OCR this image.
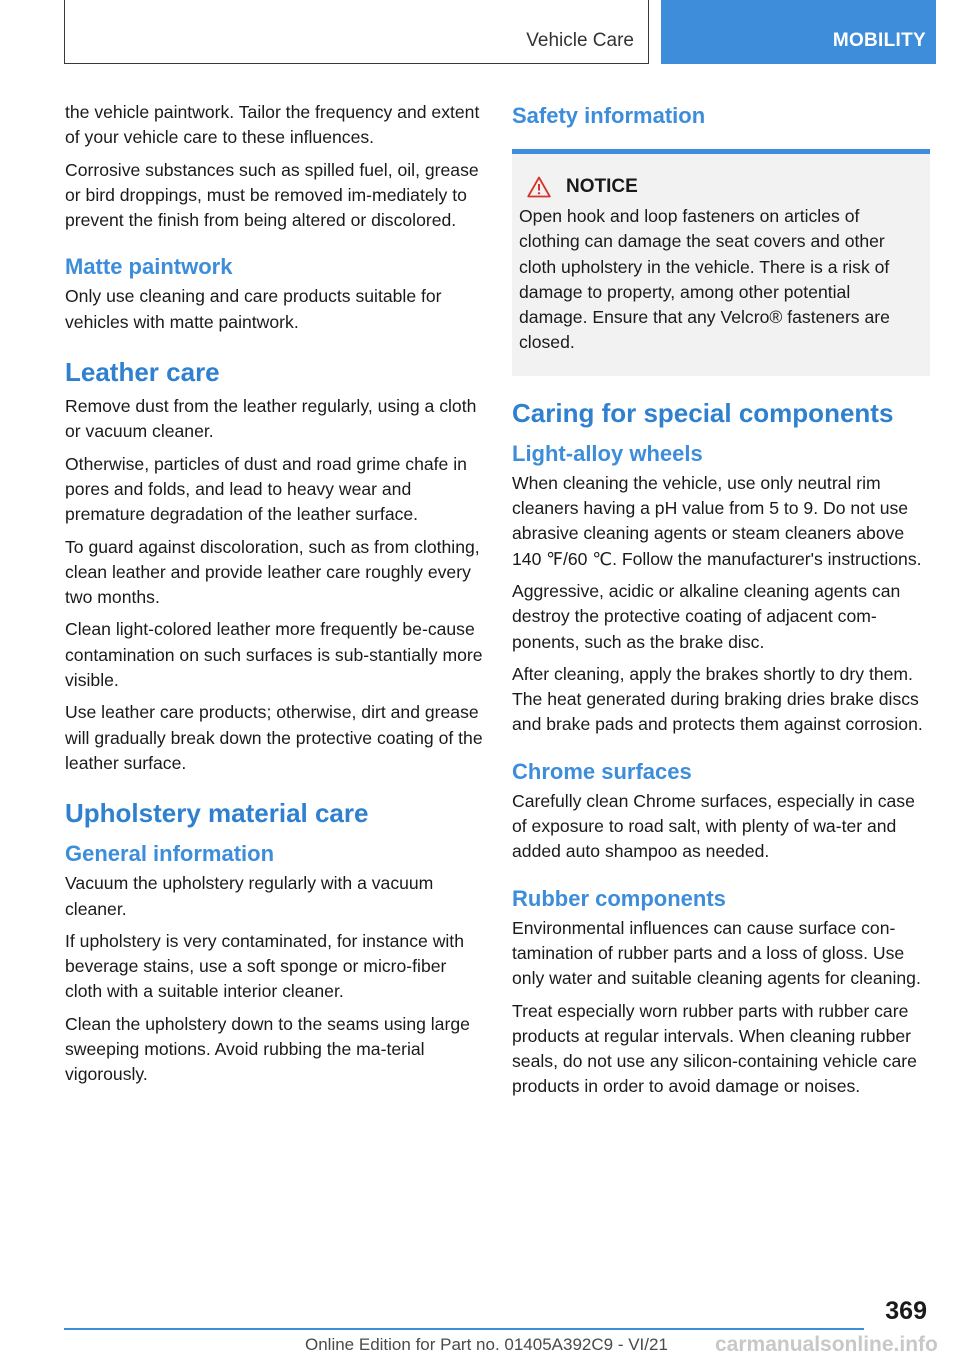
Vehicle Care	MOBILITY

the vehicle paintwork. Tailor the frequency and extent of your vehicle care to these influences.

Corrosive substances such as spilled fuel, oil, grease or bird droppings, must be removed im-mediately to prevent the finish from being altered or discolored.

Matte paintwork

Only use cleaning and care products suitable for vehicles with matte paintwork.

Leather care

Remove dust from the leather regularly, using a cloth or vacuum cleaner.

Otherwise, particles of dust and road grime chafe in pores and folds, and lead to heavy wear and premature degradation of the leather surface.

To guard against discoloration, such as from clothing, clean leather and provide leather care roughly every two months.

Clean light-colored leather more frequently be-cause contamination on such surfaces is sub-stantially more visible.

Use leather care products; otherwise, dirt and grease will gradually break down the protective coating of the leather surface.

Upholstery material care
General information

Vacuum the upholstery regularly with a vacuum cleaner.

If upholstery is very contaminated, for instance with beverage stains, use a soft sponge or micro-fiber cloth with a suitable interior cleaner.

Clean the upholstery down to the seams using large sweeping motions. Avoid rubbing the ma-terial vigorously.

Safety information
NOTICE

Open hook and loop fasteners on articles of clothing can damage the seat covers and other cloth upholstery in the vehicle. There is a risk of damage to property, among other potential damage. Ensure that any Velcro® fasteners are closed.

Caring for special components
Light-alloy wheels

When cleaning the vehicle, use only neutral rim cleaners having a pH value from 5 to 9. Do not use abrasive cleaning agents or steam cleaners above 140 ℉/60 ℃. Follow the manufacturer's instructions.

Aggressive, acidic or alkaline cleaning agents can destroy the protective coating of adjacent com-ponents, such as the brake disc.

After cleaning, apply the brakes shortly to dry them. The heat generated during braking dries brake discs and brake pads and protects them against corrosion.

Chrome surfaces

Carefully clean Chrome surfaces, especially in case of exposure to road salt, with plenty of wa-ter and added auto shampoo as needed.

Rubber components

Environmental influences can cause surface con-tamination of rubber parts and a loss of gloss. Use only water and suitable cleaning agents for cleaning.

Treat especially worn rubber parts with rubber care products at regular intervals. When cleaning rubber seals, do not use any silicon-containing vehicle care products in order to avoid damage or noises.

369
Online Edition for Part no. 01405A392C9 - VI/21 carmanualsonline.info
